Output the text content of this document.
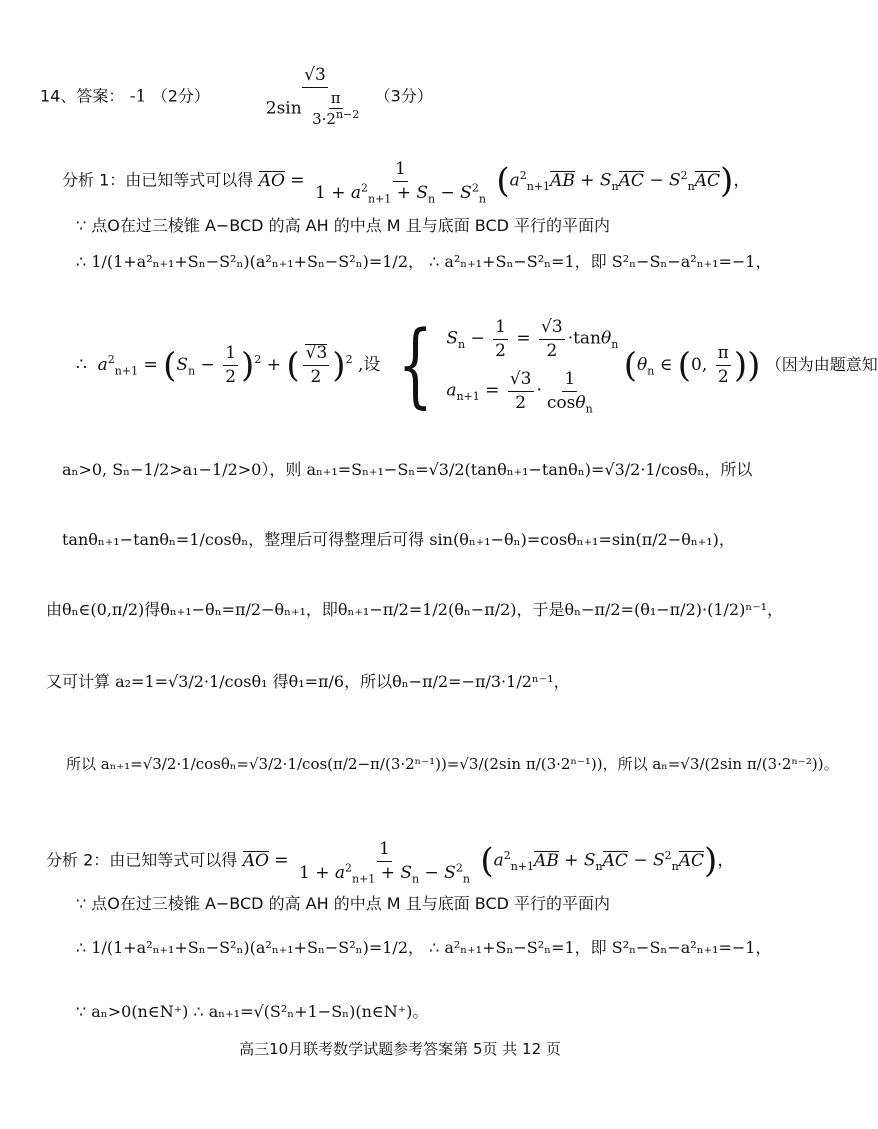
14、答案： -1 （2分）	$\frac{√3}{2\sin \frac{\pi}{3\cdot 2^{n-2}}} (3$分）
分析 1：由已知等式可以得 AO = $\frac{1}{1 + a^2_{n+1} + S_n - S^2_n} (a^2_{n+1}AB + S_nAC - S^2_nAC)$，
∵ 点O在过三棱锥 A−BCD 的高 AH 的中点 M 且与底面 BCD 平行的平面内
∴ 1/(1+a²ₙ₊₁+Sₙ−S²ₙ)(a²ₙ₊₁+Sₙ−S²ₙ)=1/2， ∴ a²ₙ₊₁+Sₙ−S²ₙ=1，即 S²ₙ−Sₙ−a²ₙ₊₁=−1，
∴  $a^2_{n+1} = (S_n - \frac{1}{2} )^2$ + ( $\frac{√3}{2} )^2$ ,设 { $S_n - \frac{1}{2} = \frac{√3}{2} \cdot\tan\theta_n$
$a_{n+1} = \frac{√3}{2} \cdot \frac{1}{\cos\theta_n}$
($\theta_n$ ∈ (0, $\frac{\pi}{2}$ )) （因为由题意知
aₙ>0, Sₙ−1/2>a₁−1/2>0），则 aₙ₊₁=Sₙ₊₁−Sₙ=√3/2(tanθₙ₊₁−tanθₙ)=√3/2·1/cosθₙ，所以
tanθₙ₊₁−tanθₙ=1/cosθₙ，整理后可得整理后可得 sin(θₙ₊₁−θₙ)=cosθₙ₊₁=sin(π/2−θₙ₊₁)，
由θₙ∈(0,π/2)得θₙ₊₁−θₙ=π/2−θₙ₊₁，即θₙ₊₁−π/2=1/2(θₙ−π/2)，于是θₙ−π/2=(θ₁−π/2)·(1/2)ⁿ⁻¹，
又可计算 a₂=1=√3/2·1/cosθ₁ 得θ₁=π/6，所以θₙ−π/2=−π/3·1/2ⁿ⁻¹，
所以 aₙ₊₁=√3/2·1/cosθₙ=√3/2·1/cos(π/2−π/(3·2ⁿ⁻¹))=√3/(2sin π/(3·2ⁿ⁻¹))，所以 aₙ=√3/(2sin π/(3·2ⁿ⁻²))。
分析 2：由已知等式可以得 AO = $\frac{1}{1 + a^2_{n+1} + S_n - S^2_n} (a^2_{n+1}AB + S_nAC - S^2_nAC)$，
∵ 点O在过三棱锥 A−BCD 的高 AH 的中点 M 且与底面 BCD 平行的平面内
∴ 1/(1+a²ₙ₊₁+Sₙ−S²ₙ)(a²ₙ₊₁+Sₙ−S²ₙ)=1/2， ∴ a²ₙ₊₁+Sₙ−S²ₙ=1，即 S²ₙ−Sₙ−a²ₙ₊₁=−1，
∵ aₙ>0(n∈N⁺) ∴ aₙ₊₁=√(S²ₙ+1−Sₙ)(n∈N⁺)。
高三10月联考数学试题参考答案第 5页 共 12 页
